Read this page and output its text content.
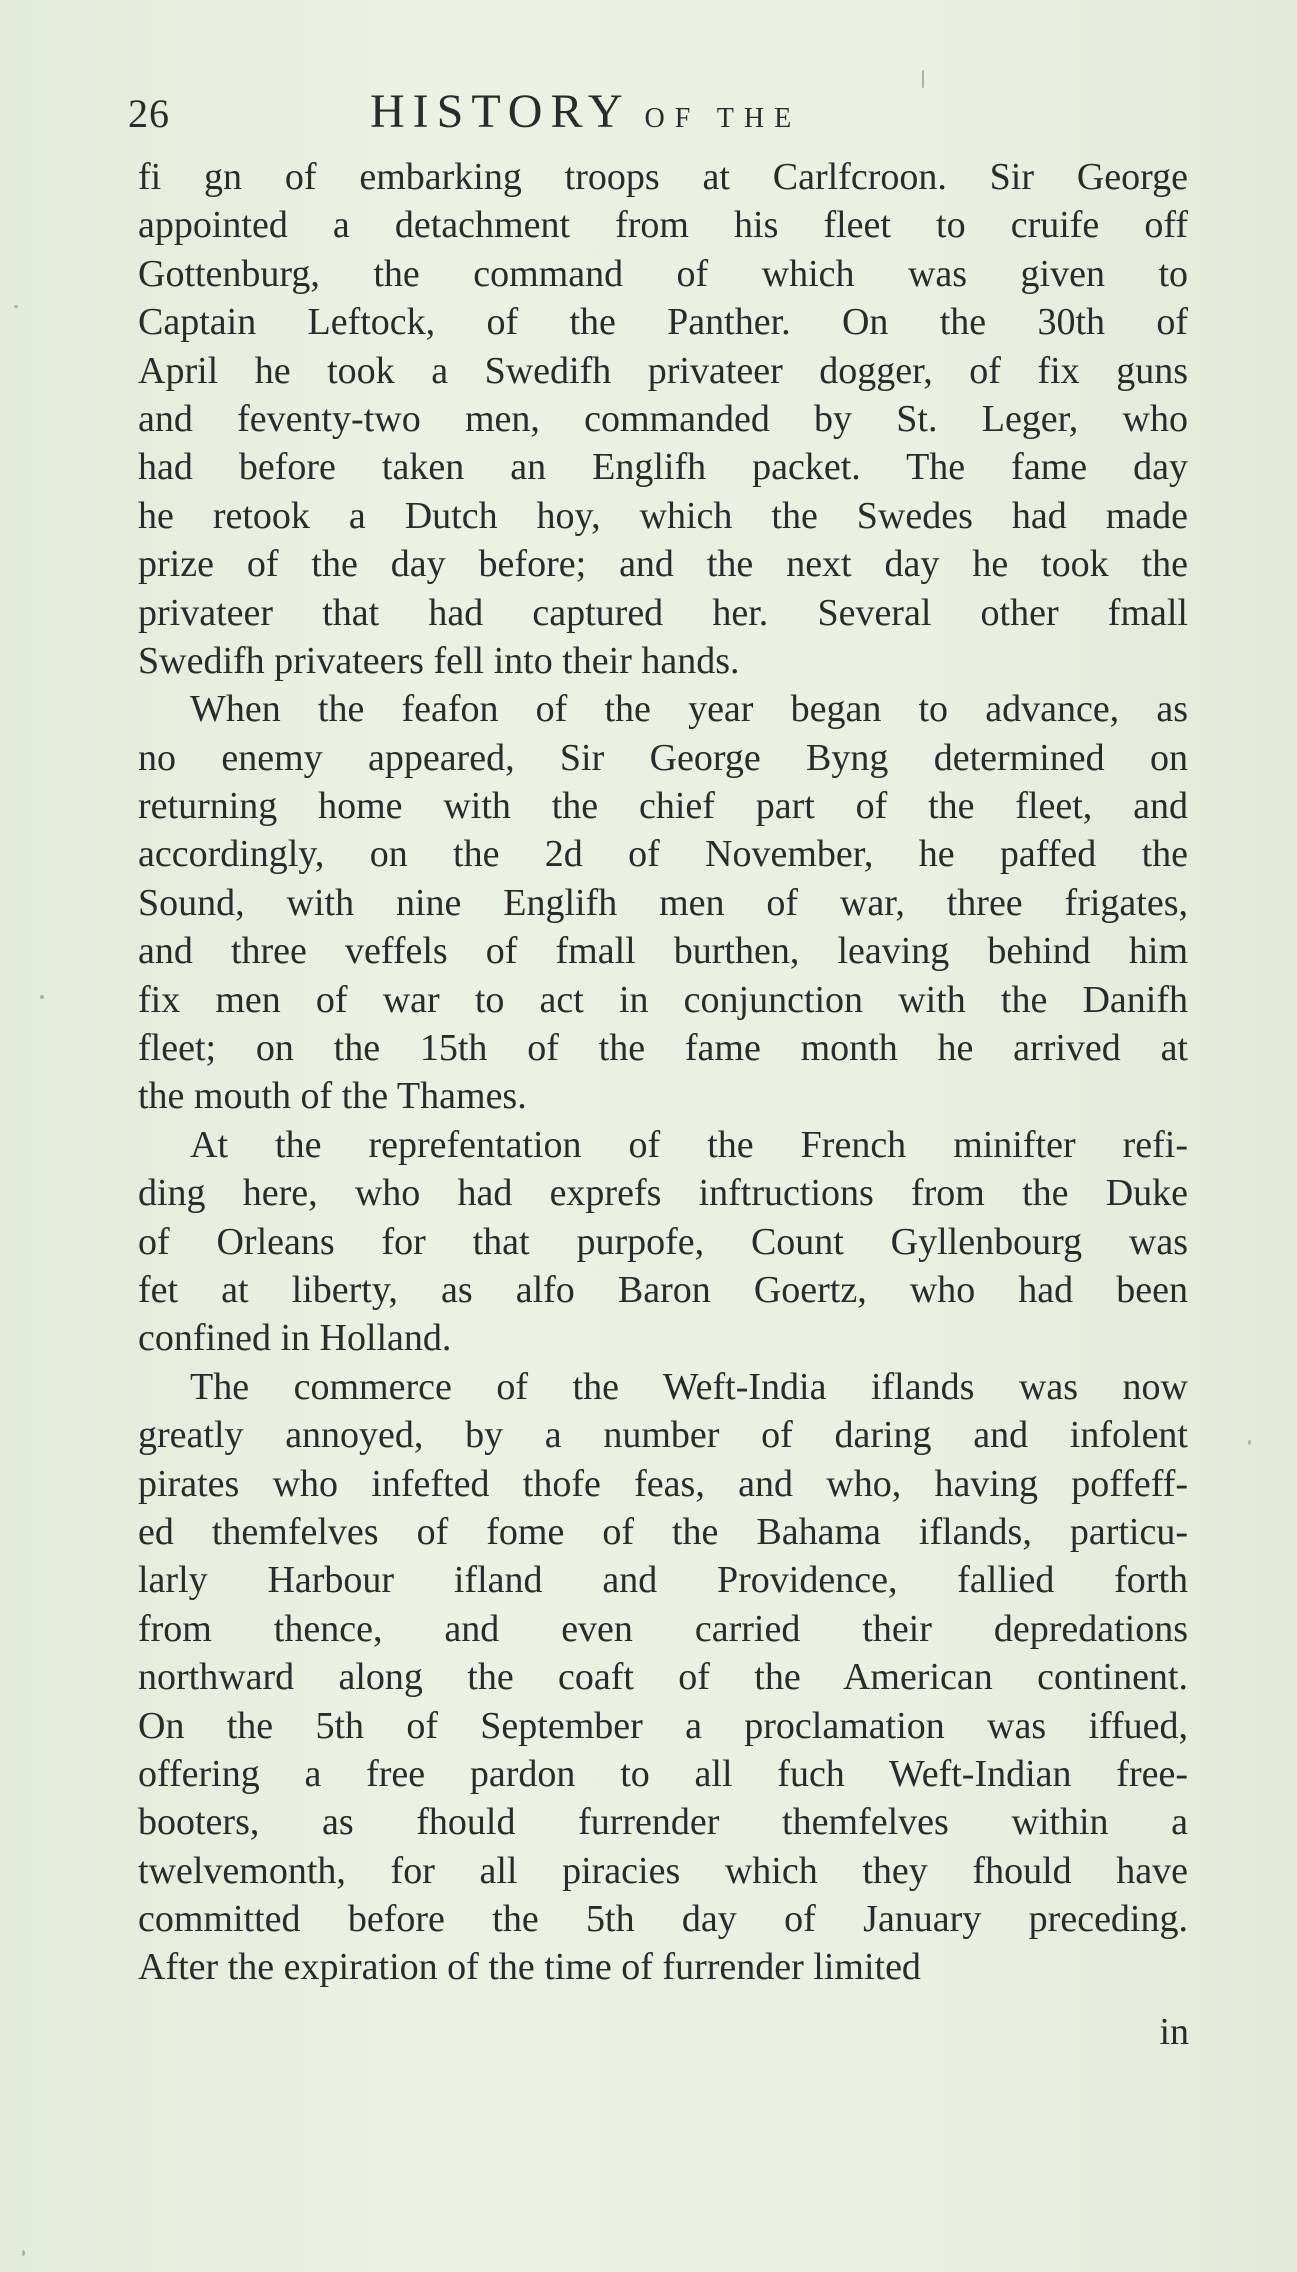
26	HISTORY OF THE
fi gn of embarking troops at Carlfcroon. Sir George
appointed a detachment from his fleet to cruife off
Gottenburg, the command of which was given to
Captain Leftock, of the Panther. On the 30th of
April he took a Swedifh privateer dogger, of fix guns
and feventy-two men, commanded by St. Leger, who
had before taken an Englifh packet. The fame day
he retook a Dutch hoy, which the Swedes had made
prize of the day before; and the next day he took the
privateer that had captured her. Several other fmall
Swedifh privateers fell into their hands.
When the feafon of the year began to advance, as
no enemy appeared, Sir George Byng determined on
returning home with the chief part of the fleet, and
accordingly, on the 2d of November, he paffed the
Sound, with nine Englifh men of war, three frigates,
and three veffels of fmall burthen, leaving behind him
fix men of war to act in conjunction with the Danifh
fleet; on the 15th of the fame month he arrived at
the mouth of the Thames.
At the reprefentation of the French minifter refi-
ding here, who had exprefs inftructions from the Duke
of Orleans for that purpofe, Count Gyllenbourg was
fet at liberty, as alfo Baron Goertz, who had been
confined in Holland.
The commerce of the Weft-India iflands was now
greatly annoyed, by a number of daring and infolent
pirates who infefted thofe feas, and who, having poffeff-
ed themfelves of fome of the Bahama iflands, particu-
larly Harbour ifland and Providence, fallied forth
from thence, and even carried their depredations
northward along the coaft of the American continent.
On the 5th of September a proclamation was iffued,
offering a free pardon to all fuch Weft-Indian free-
booters, as fhould furrender themfelves within a
twelvemonth, for all piracies which they fhould have
committed before the 5th day of January preceding.
After the expiration of the time of furrender limited
in
